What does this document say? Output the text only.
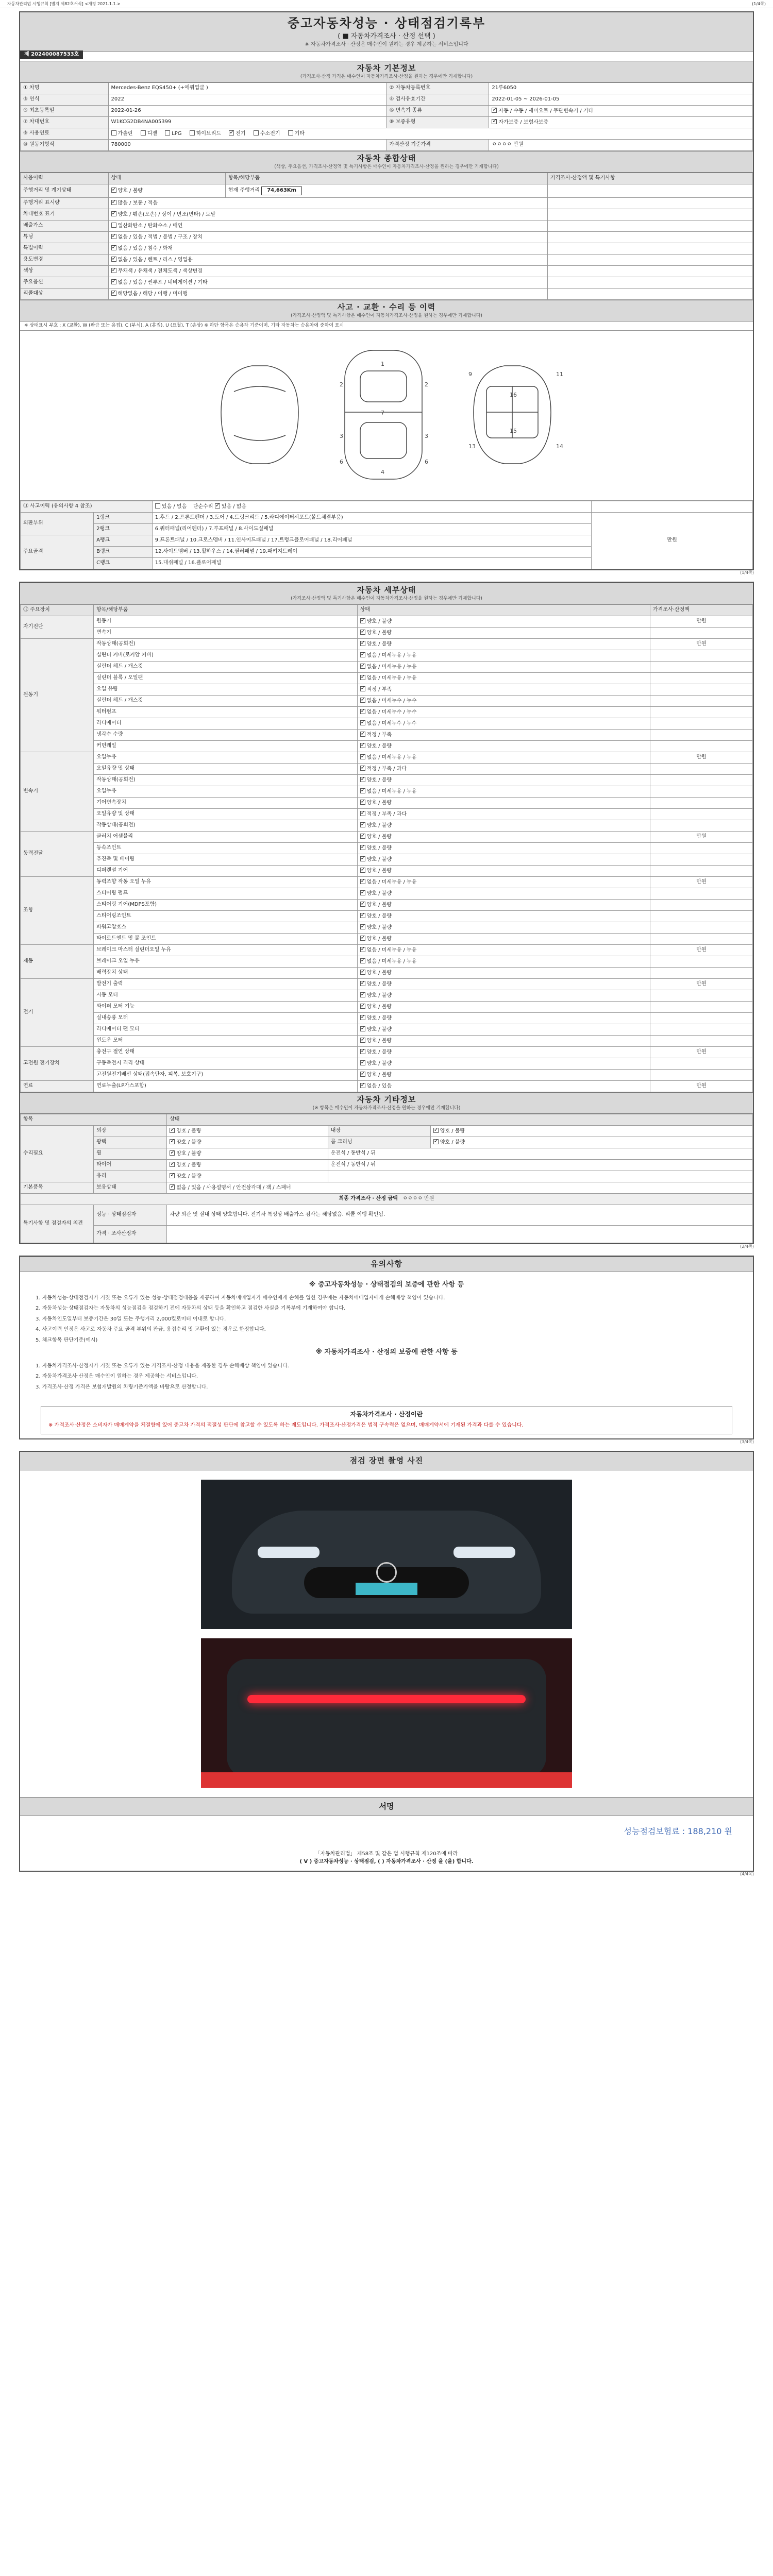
자동차관리법 시행규칙 [별지 제82호서식] <개정 2021.1.1.>	(1/4쪽)
중고자동차성능 · 상태점검기록부
( ■ 자동차가격조사 · 산정 선택 )
※ 자동차가격조사 · 산정은 매수인이 원하는 경우 제공하는 서비스입니다
제 202400087533호
자동차 기본정보
(가격조사·산정 가격은 매수인이 자동차가격조사·산정을 원하는 경우에만 기재합니다)
① 차명	Mercedes-Benz EQS450+ (+에쿼업글 )	② 자동차등록번호	21루6050
③ 연식	2022	④ 검사유효기간	2022-01-05 ~ 2026-01-05
⑤ 최초등록일	2022-01-26	⑥ 변속기 종류	✓자동 / 수동 / 세미오토 / 무단변속기 / 기타
⑦ 차대번호	W1KCG2DB4NA005399	⑧ 보증유형	✓자가보증 / 보험사보증
⑨ 사용연료	가솔린 디젤 LPG 하이브리드 ✓ 전기 수소전기 기타
⑩ 원동기형식	780000	가격산정 기준가격	ㅇㅇㅇㅇ 만원
자동차 종합상태
(색상, 주요옵션, 가격조사·산정액 및 특기사항은 매수인이 자동차가격조사·산정을 원하는 경우에만 기재합니다)
사용이력	상태	항목/해당부품	가격조사·산정액 및 특기사항
주행거리 및 계기상태	✓양호 / 불량	현재 주행거리 74,663Km	
주행거리 표시량	✓많음 / 보통 / 적음	
차대번호 표기	✓양호 / 훼손(오손) / 상이 / 변조(변타) / 도말	
배출가스	일산화탄소 / 탄화수소 / 매연		
튜닝	✓없음 / 있음 / 적법 / 불법 / 구조 / 장치	
특별이력	✓없음 / 있음 / 침수 / 화재	
용도변경	✓없음 / 있음 / 렌트 / 리스 / 영업용	
색상	✓무채색 / 유채색 / 전체도색 / 색상변경	
주요옵션	✓없음 / 있음 / 썬루프 / 네비게이션 / 기타	
리콜대상	✓해당없음 / 해당 / 이행 / 미이행	
사고 · 교환 · 수리 등 이력
(가격조사·산정액 및 특기사항은 매수인이 자동차가격조사·산정을 원하는 경우에만 기재합니다)
※ 상태표시 부호 : X (교환), W (판금 또는 용접), C (부식), A (흠집), U (요철), T (손상) ※ 하단 항목은 승용차 기준이며, 기타 자동차는 승용차에 준하여 표시
1
7
4
2	2
3	3
6	6
9	11
13	14
16
15
⑪ 사고이력 (유의사항 4 참조)		있음 / 없음 단순수리 ✓ 있음 / 없음	
외판부위	1랭크	1.후드 / 2.프론트펜더 / 3.도어 / 4.트렁크리드 / 5.라디에이터서포트(볼트체결부품)	만원
	2랭크	6.쿼터패널(리어펜더) / 7.루프패널 / 8.사이드실패널	
주요골격	A랭크	9.프론트패널 / 10.크로스멤버 / 11.인사이드패널 / 17.트렁크플로어패널 / 18.리어패널	
	B랭크	12.사이드멤버 / 13.휠하우스 / 14.필러패널 / 19.패키지트레이	
	C랭크	15.대쉬패널 / 16.플로어패널	
(1/4쪽)
자동차 세부상태
(가격조사·산정액 및 특기사항은 매수인이 자동차가격조사·산정을 원하는 경우에만 기재합니다)
⑫ 주요장치	항목/해당부품	상태	가격조사·산정액
자기진단	원동기	✓양호 / 불량	만원
	변속기	✓양호 / 불량	
원동기	작동상태(공회전)	✓양호 / 불량	만원
	실린더 커버(로커암 커버)	✓없음 / 미세누유 / 누유	
	실린더 헤드 / 개스킷	✓없음 / 미세누유 / 누유	
	실린더 블록 / 오일팬	✓없음 / 미세누유 / 누유	
	오일 유량	✓적정 / 부족	
	실린더 헤드 / 개스킷	✓없음 / 미세누수 / 누수	
	워터펌프	✓없음 / 미세누수 / 누수	
	라디에이터	✓없음 / 미세누수 / 누수	
	냉각수 수량	✓적정 / 부족	
	커먼레일	✓양호 / 불량	
변속기	오일누유	✓없음 / 미세누유 / 누유	만원
	오일유량 및 상태	✓적정 / 부족 / 과다	
	작동상태(공회전)	✓양호 / 불량	
	오일누유	✓없음 / 미세누유 / 누유	
	기어변속장치	✓양호 / 불량	
	오일유량 및 상태	✓적정 / 부족 / 과다	
	작동상태(공회전)	✓양호 / 불량	
동력전달	클러치 어셈블리	✓양호 / 불량	만원
	등속조인트	✓양호 / 불량	
	추진축 및 베어링	✓양호 / 불량	
	디퍼렌셜 기어	✓양호 / 불량	
조향	동력조향 작동 오일 누유	✓없음 / 미세누유 / 누유	만원
	스티어링 펌프	✓양호 / 불량	
	스티어링 기어(MDPS포함)	✓양호 / 불량	
	스티어링조인트	✓양호 / 불량	
	파워고압호스	✓양호 / 불량	
	타이로드엔드 및 볼 조인트	✓양호 / 불량	
제동	브레이크 마스터 실린더오일 누유	✓없음 / 미세누유 / 누유	만원
	브레이크 오일 누유	✓없음 / 미세누유 / 누유	
	배력장치 상태	✓양호 / 불량	
전기	발전기 출력	✓양호 / 불량	만원
	시동 모터	✓양호 / 불량	
	와이퍼 모터 기능	✓양호 / 불량	
	실내송풍 모터	✓양호 / 불량	
	라디에이터 팬 모터	✓양호 / 불량	
	윈도우 모터	✓양호 / 불량	
고전원 전기장치	충전구 절연 상태	✓양호 / 불량	만원
	구동축전지 격리 상태	✓양호 / 불량	
	고전원전기배선 상태(접속단자, 피복, 보호기구)	✓양호 / 불량	
연료	연료누출(LP가스포함)	✓없음 / 있음	만원
자동차 기타정보
(※ 항목은 매수인이 자동차가격조사·산정을 원하는 경우에만 기재합니다)
항목		상태		
수리필요	외장	✓양호 / 불량	내장	✓양호 / 불량
	광택	✓양호 / 불량	룸 크리닝	✓양호 / 불량
	휠	✓양호 / 불량	운전석 / 동반석 / 뒤	
	타이어	✓양호 / 불량	운전석 / 동반석 / 뒤	
	유리	✓양호 / 불량	
기본품목	보유상태	✓없음 / 있음 / 사용설명서 / 안전삼각대 / 잭 / 스패너
최종 가격조사 · 산정 금액 ㅇㅇㅇㅇ 만원				
특기사항 및 점검자의 의견	성능 · 상태점검자	차량 외관 및 실내 상태 양호합니다. 전기차 특성상 배출가스 검사는 해당없음. 리콜 이행 확인됨.		
	가격 · 조사산정자			
(2/4쪽)
유의사항
※ 중고자동차성능 · 상태점검의 보증에 관한 사항 등

1. 자동차성능·상태점검자가 거짓 또는 오류가 있는 성능·상태점검내용을 제공하여 자동차매매업자가 매수인에게 손해를 입힌 경우에는 자동차매매업자에게 손해배상 책임이 있습니다.

2. 자동차성능·상태점검자는 자동차의 성능점검을 점검하기 전에 자동차의 상태 등을 확인하고 점검한 사실을 기록부에 기재하여야 합니다.

3. 자동차인도일부터 보증기간은 30일 또는 주행거리 2,000킬로미터 이내로 합니다.

4. 사고이력 인정은 사고로 자동차 주요 골격 부위의 판금, 용접수리 및 교환이 있는 경우로 한정합니다.

5. 체크항목 판단기준(예시)

※ 자동차가격조사 · 산정의 보증에 관한 사항 등

1. 자동차가격조사·산정자가 거짓 또는 오류가 있는 가격조사·산정 내용을 제공한 경우 손해배상 책임이 있습니다.

2. 자동차가격조사·산정은 매수인이 원하는 경우 제공하는 서비스입니다.

3. 가격조사·산정 가격은 보험개발원의 차량기준가액을 바탕으로 산정합니다.

자동차가격조사 · 산정이란
※ 가격조사·산정은 소비자가 매매계약을 체결함에 있어 중고차 가격의 적절성 판단에 참고할 수 있도록 하는 제도입니다. 가격조사·산정가격은 법적 구속력은 없으며, 매매계약서에 기재된 가격과 다를 수 있습니다.
(3/4쪽)
점검 장면 촬영 사진
서명
성능점검보험료 : 188,210 원
「자동차관리법」 제58조 및 같은 법 시행규칙 제120조에 따라
( V ) 중고자동차성능 · 상태점검, ( ) 자동차가격조사 · 산정 을 (을) 합니다.
(4/4쪽)
